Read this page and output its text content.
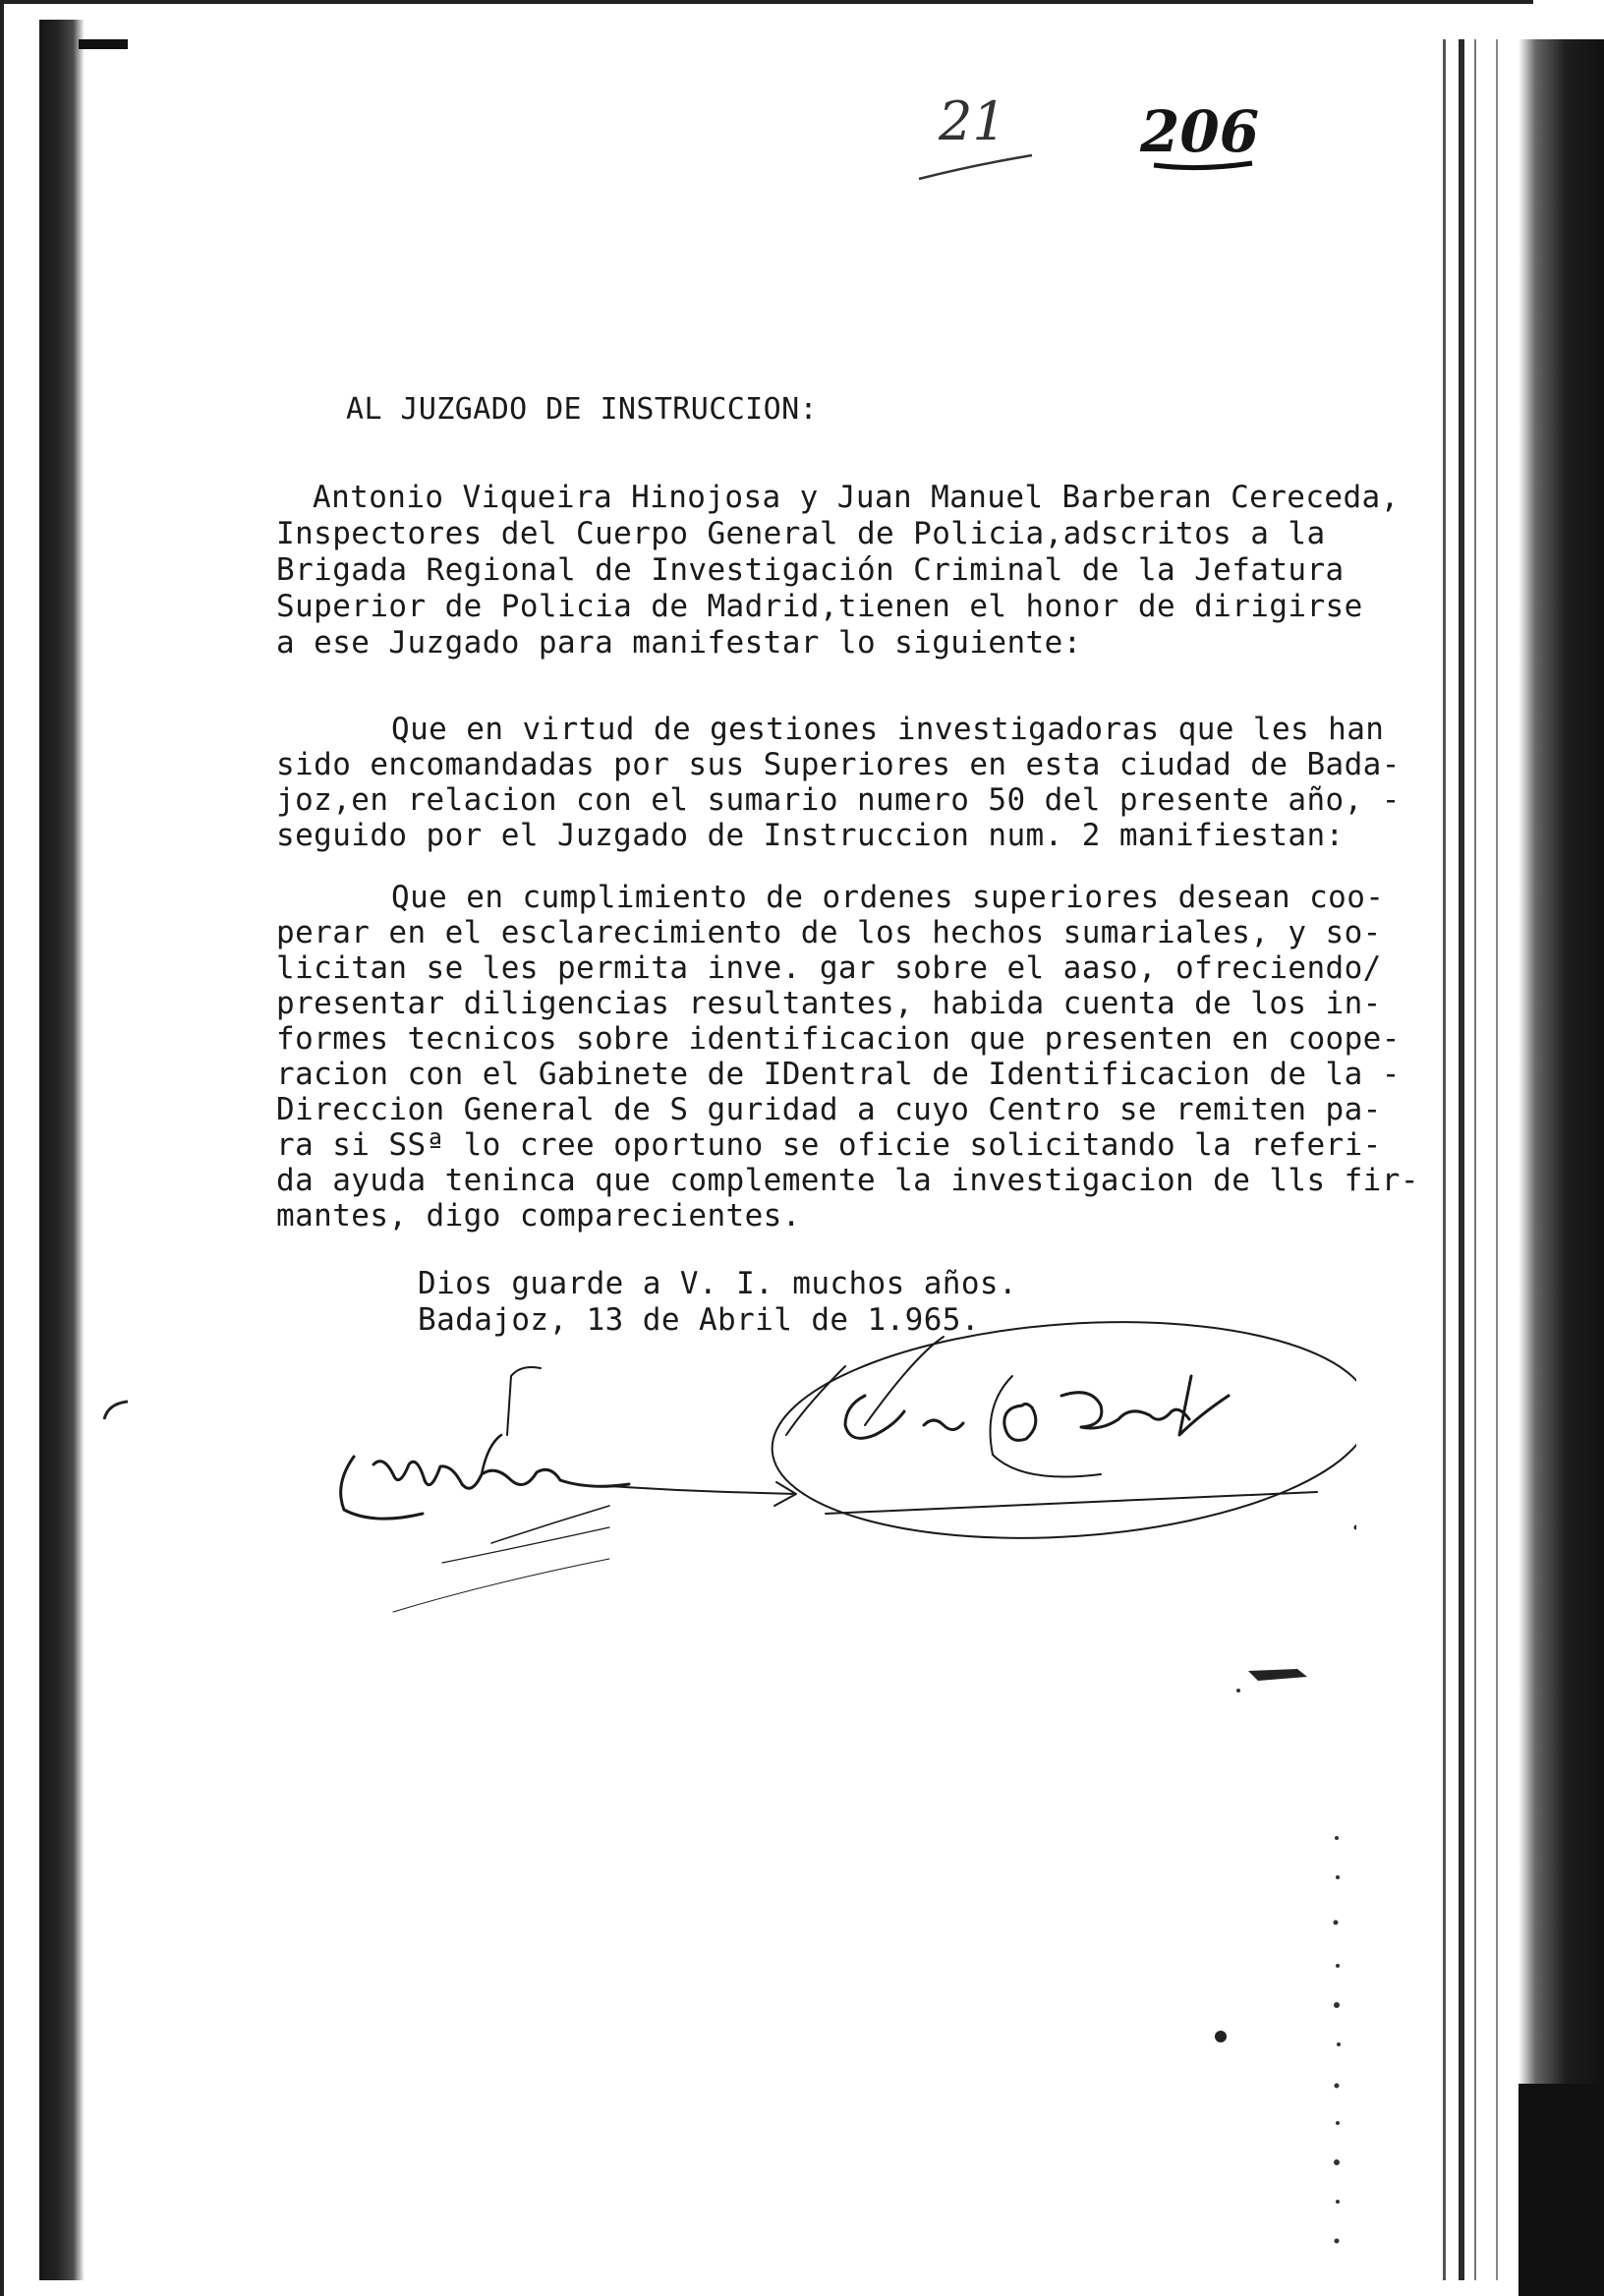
21 206
AL JUZGADO DE INSTRUCCION:
Antonio Viqueira Hinojosa y Juan Manuel Barberan Cereceda,
Inspectores del Cuerpo General de Policia,adscritos a la
Brigada Regional de Investigación Criminal de la Jefatura
Superior de Policia de Madrid,tienen el honor de dirigirse
a ese Juzgado para manifestar lo siguiente:
Que en virtud de gestiones investigadoras que les han
sido encomandadas por sus Superiores en esta ciudad de Bada-
joz,en relacion con el sumario numero 50 del presente año, -
seguido por el Juzgado de Instruccion num. 2 manifiestan:
Que en cumplimiento de ordenes superiores desean coo-
perar en el esclarecimiento de los hechos sumariales, y so-
licitan se les permita inve. gar sobre el aaso, ofreciendo/
presentar diligencias resultantes, habida cuenta de los in-
formes tecnicos sobre identificacion que presenten en coope-
racion con el Gabinete de IDentral de Identificacion de la -
Direccion General de S guridad a cuyo Centro se remiten pa-
ra si SSª lo cree oportuno se oficie solicitando la referi-
da ayuda teninca que complemente la investigacion de lls fir-
mantes, digo comparecientes.
Dios guarde a V. I. muchos años.
Badajoz, 13 de Abril de 1.965.
